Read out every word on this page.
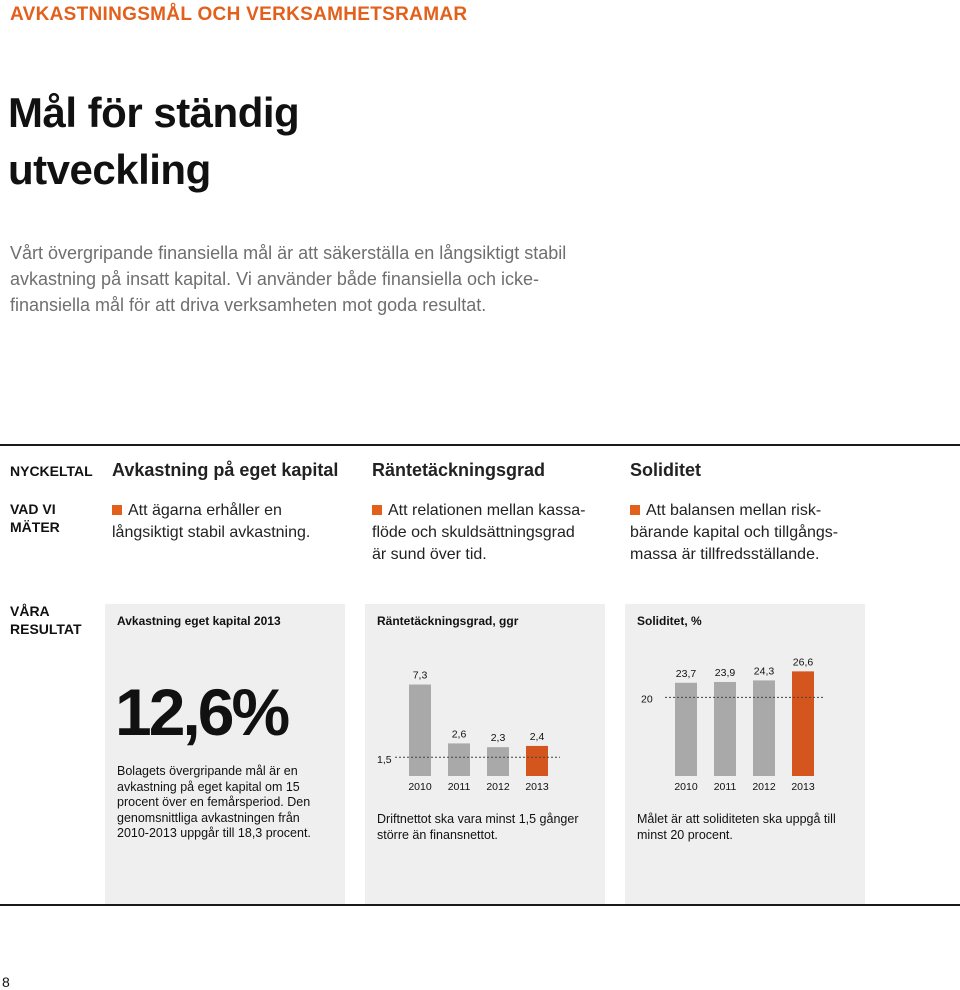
AVKASTNINGSMÅL OCH VERKSAMHETSRAMAR
Mål för ständig
utveckling
Vårt övergripande finansiella mål är att säkerställa en långsiktigt stabil avkastning på insatt kapital. Vi använder både finansiella och icke-finansiella mål för att driva verksamheten mot goda resultat.
NYCKELTAL
VAD VI
MÄTER
VÅRA
RESULTAT
Avkastning på eget kapital Räntetäckningsgrad	Soliditet
Att ägarna erhåller en
långsiktigt stabil avkastning.
Att relationen mellan kassa-
flöde och skuldsättningsgrad
är sund över tid.
Att balansen mellan risk-
bärande kapital och tillgångs-
massa är tillfredsställande.
Avkastning eget kapital 2013
12,6%
Bolagets övergripande mål är en
avkastning på eget kapital om 15
procent över en femårsperiod. Den
genomsnittliga avkastningen från
2010-2013 uppgår till 18,3 procent.
Räntetäckningsgrad, ggr
7,3
2010
2,6
2011
2,3
2012
2,4
2013
1,5
Driftnettot ska vara minst 1,5 gånger
större än finansnettot.
Soliditet, %
23,7
2010
23,9
2011
24,3
2012
26,6
2013
20
Målet är att soliditeten ska uppgå till
minst 20 procent.
8
